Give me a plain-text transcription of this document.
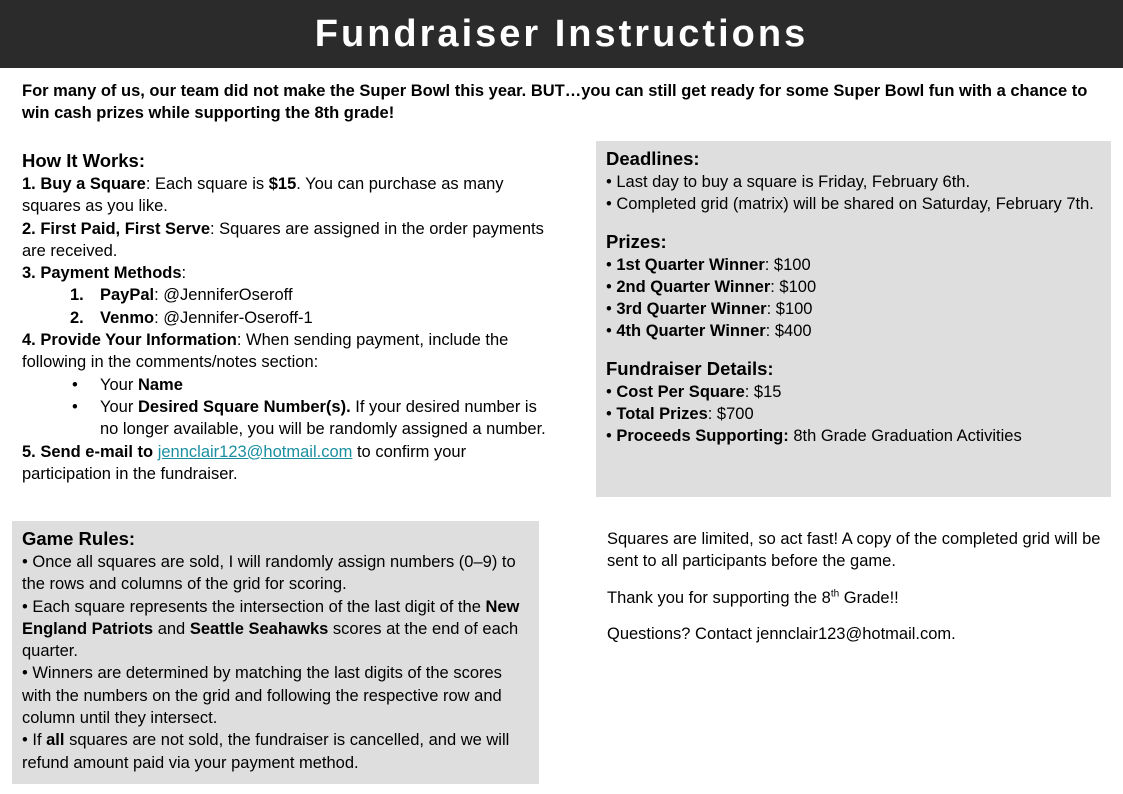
Fundraiser Instructions
For many of us, our team did not make the Super Bowl this year. BUT…you can still get ready for some Super Bowl fun with a chance to win cash prizes while supporting the 8th grade!

How It Works:

1. Buy a Square: Each square is $15. You can purchase as many squares as you like.

2. First Paid, First Serve: Squares are assigned in the order payments are received.

3. Payment Methods:

1. PayPal: @JenniferOseroff

2. Venmo: @Jennifer-Oseroff-1

4. Provide Your Information: When sending payment, include the following in the comments/notes section:

• Your Name

• Your Desired Square Number(s). If your desired number is no longer available, you will be randomly assigned a number.

5. Send e-mail to jennclair123@hotmail.com to confirm your participation in the fundraiser.

Game Rules:

• Once all squares are sold, I will randomly assign numbers (0–9) to the rows and columns of the grid for scoring.

• Each square represents the intersection of the last digit of the New England Patriots and Seattle Seahawks scores at the end of each quarter.

• Winners are determined by matching the last digits of the scores with the numbers on the grid and following the respective row and column until they intersect.

• If all squares are not sold, the fundraiser is cancelled, and we will refund amount paid via your payment method.

Deadlines:

• Last day to buy a square is Friday, February 6th.

• Completed grid (matrix) will be shared on Saturday, February 7th.

Prizes:

• 1st Quarter Winner: $100

• 2nd Quarter Winner: $100

• 3rd Quarter Winner: $100

• 4th Quarter Winner: $400

Fundraiser Details:

• Cost Per Square: $15

• Total Prizes: $700

• Proceeds Supporting: 8th Grade Graduation Activities

Squares are limited, so act fast! A copy of the completed grid will be sent to all participants before the game.

Thank you for supporting the 8th Grade!!

Questions? Contact jennclair123@hotmail.com.
